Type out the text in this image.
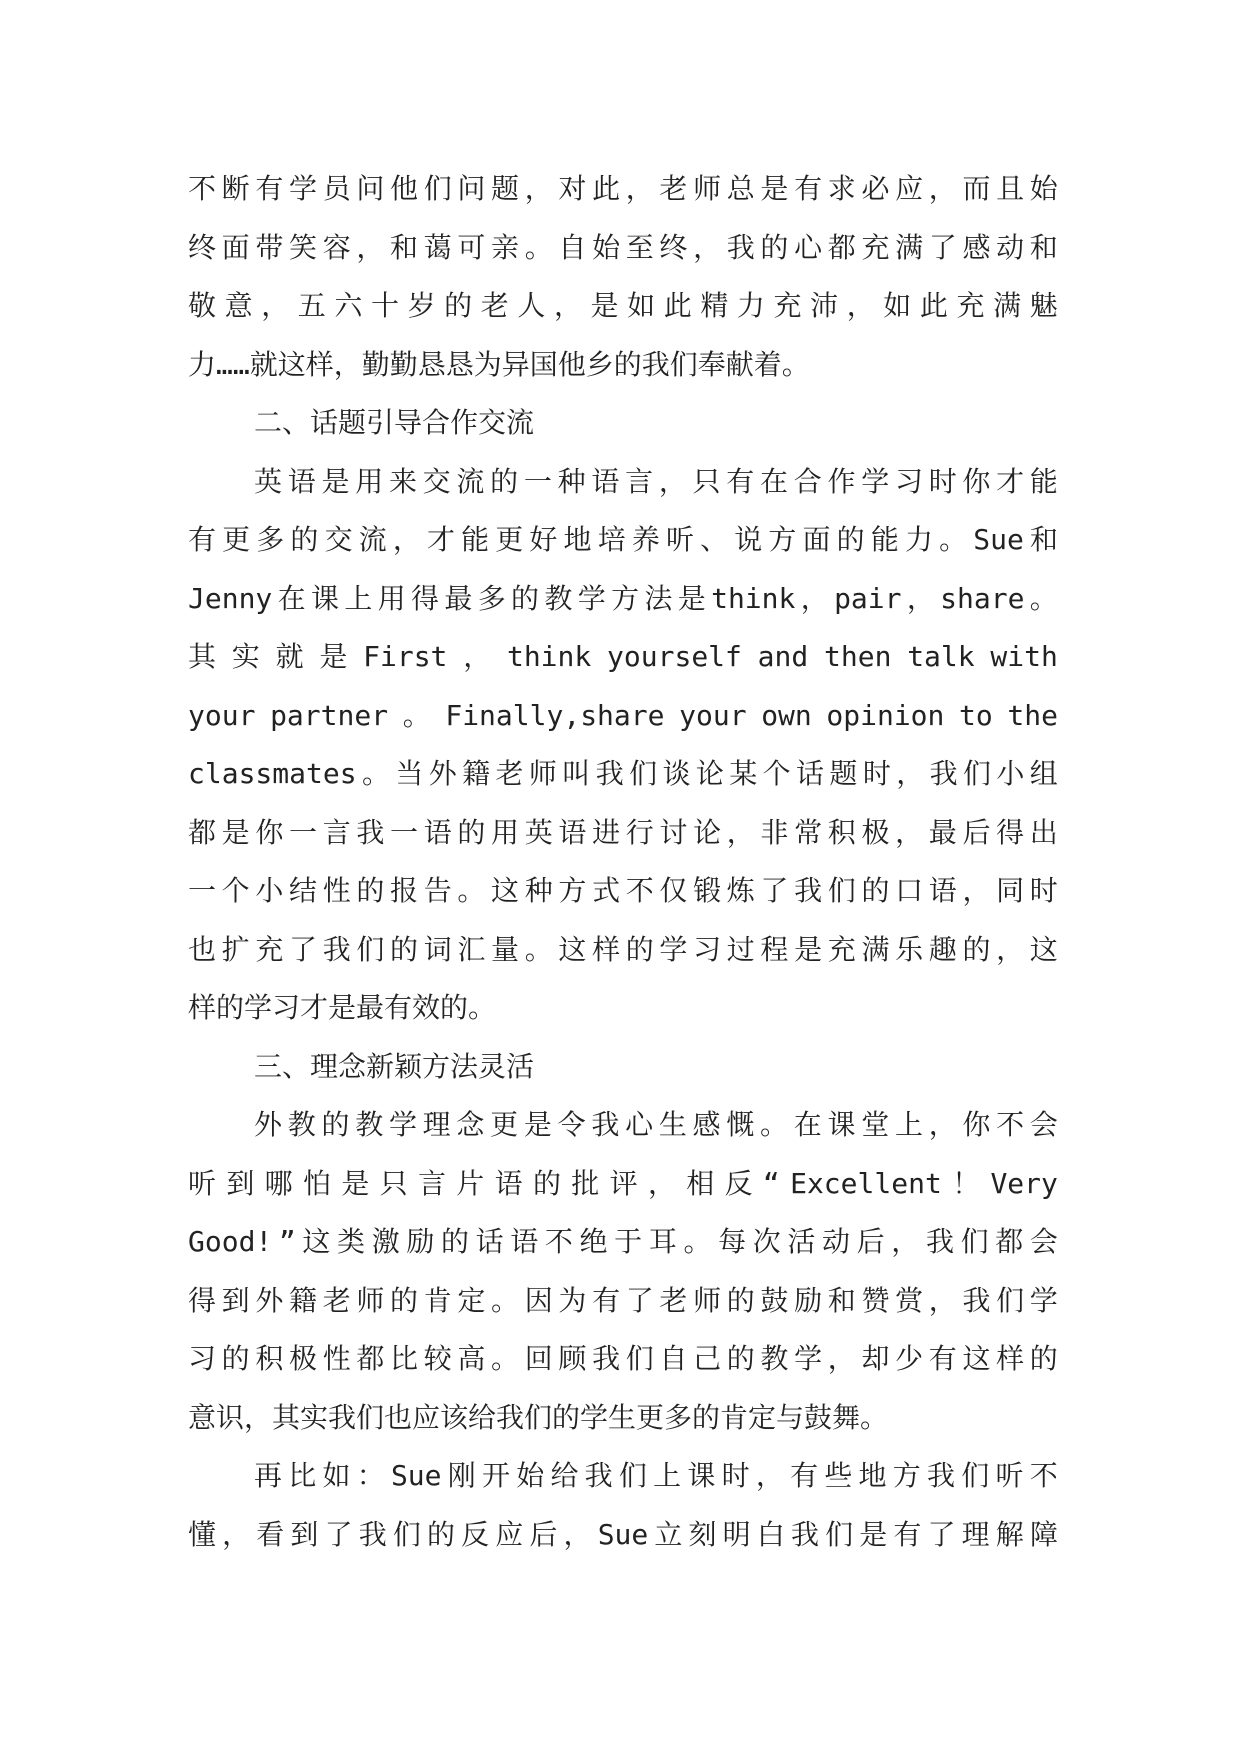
不 断 有 学 员 问 他 们 问 题 ， 对 此 ， 老 师 总 是 有 求 必 应 ， 而 且 始
终 面 带 笑 容 ， 和 蔼 可 亲 。 自 始 至 终 ， 我 的 心 都 充 满 了 感 动 和
敬 意 ， 五 六 十 岁 的 老 人 ， 是 如 此 精 力 充 沛 ， 如 此 充 满 魅
力……就这样，勤勤恳恳为异国他乡的我们奉献着。
二、话题引导合作交流
英 语 是 用 来 交 流 的 一 种 语 言 ， 只 有 在 合 作 学 习 时 你 才 能
有 更 多 的 交 流 ， 才 能 更 好 地 培 养 听 、 说 方 面 的 能 力 。 Sue 和
Jenny 在 课 上 用 得 最 多 的 教 学 方 法 是 think ， pair ， share 。
其 实 就 是 First ， think yourself and then talk with
your partner 。 Finally,share your own opinion to the
classmates 。 当 外 籍 老 师 叫 我 们 谈 论 某 个 话 题 时 ， 我 们 小 组
都 是 你 一 言 我 一 语 的 用 英 语 进 行 讨 论 ， 非 常 积 极 ， 最 后 得 出
一 个 小 结 性 的 报 告 。 这 种 方 式 不 仅 锻 炼 了 我 们 的 口 语 ， 同 时
也 扩 充 了 我 们 的 词 汇 量 。 这 样 的 学 习 过 程 是 充 满 乐 趣 的 ， 这
样的学习才是最有效的。
三、理念新颖方法灵活
外 教 的 教 学 理 念 更 是 令 我 心 生 感 慨 。 在 课 堂 上 ， 你 不 会
听 到 哪 怕 是 只 言 片 语 的 批 评 ， 相 反 “ Excellent ！ Very
Good! ” 这 类 激 励 的 话 语 不 绝 于 耳 。 每 次 活 动 后 ， 我 们 都 会
得 到 外 籍 老 师 的 肯 定 。 因 为 有 了 老 师 的 鼓 励 和 赞 赏 ， 我 们 学
习 的 积 极 性 都 比 较 高 。 回 顾 我 们 自 己 的 教 学 ， 却 少 有 这 样 的
意识，其实我们也应该给我们的学生更多的肯定与鼓舞。
再 比 如 ： Sue 刚 开 始 给 我 们 上 课 时 ， 有 些 地 方 我 们 听 不
懂 ， 看 到 了 我 们 的 反 应 后 ， Sue 立 刻 明 白 我 们 是 有 了 理 解 障
